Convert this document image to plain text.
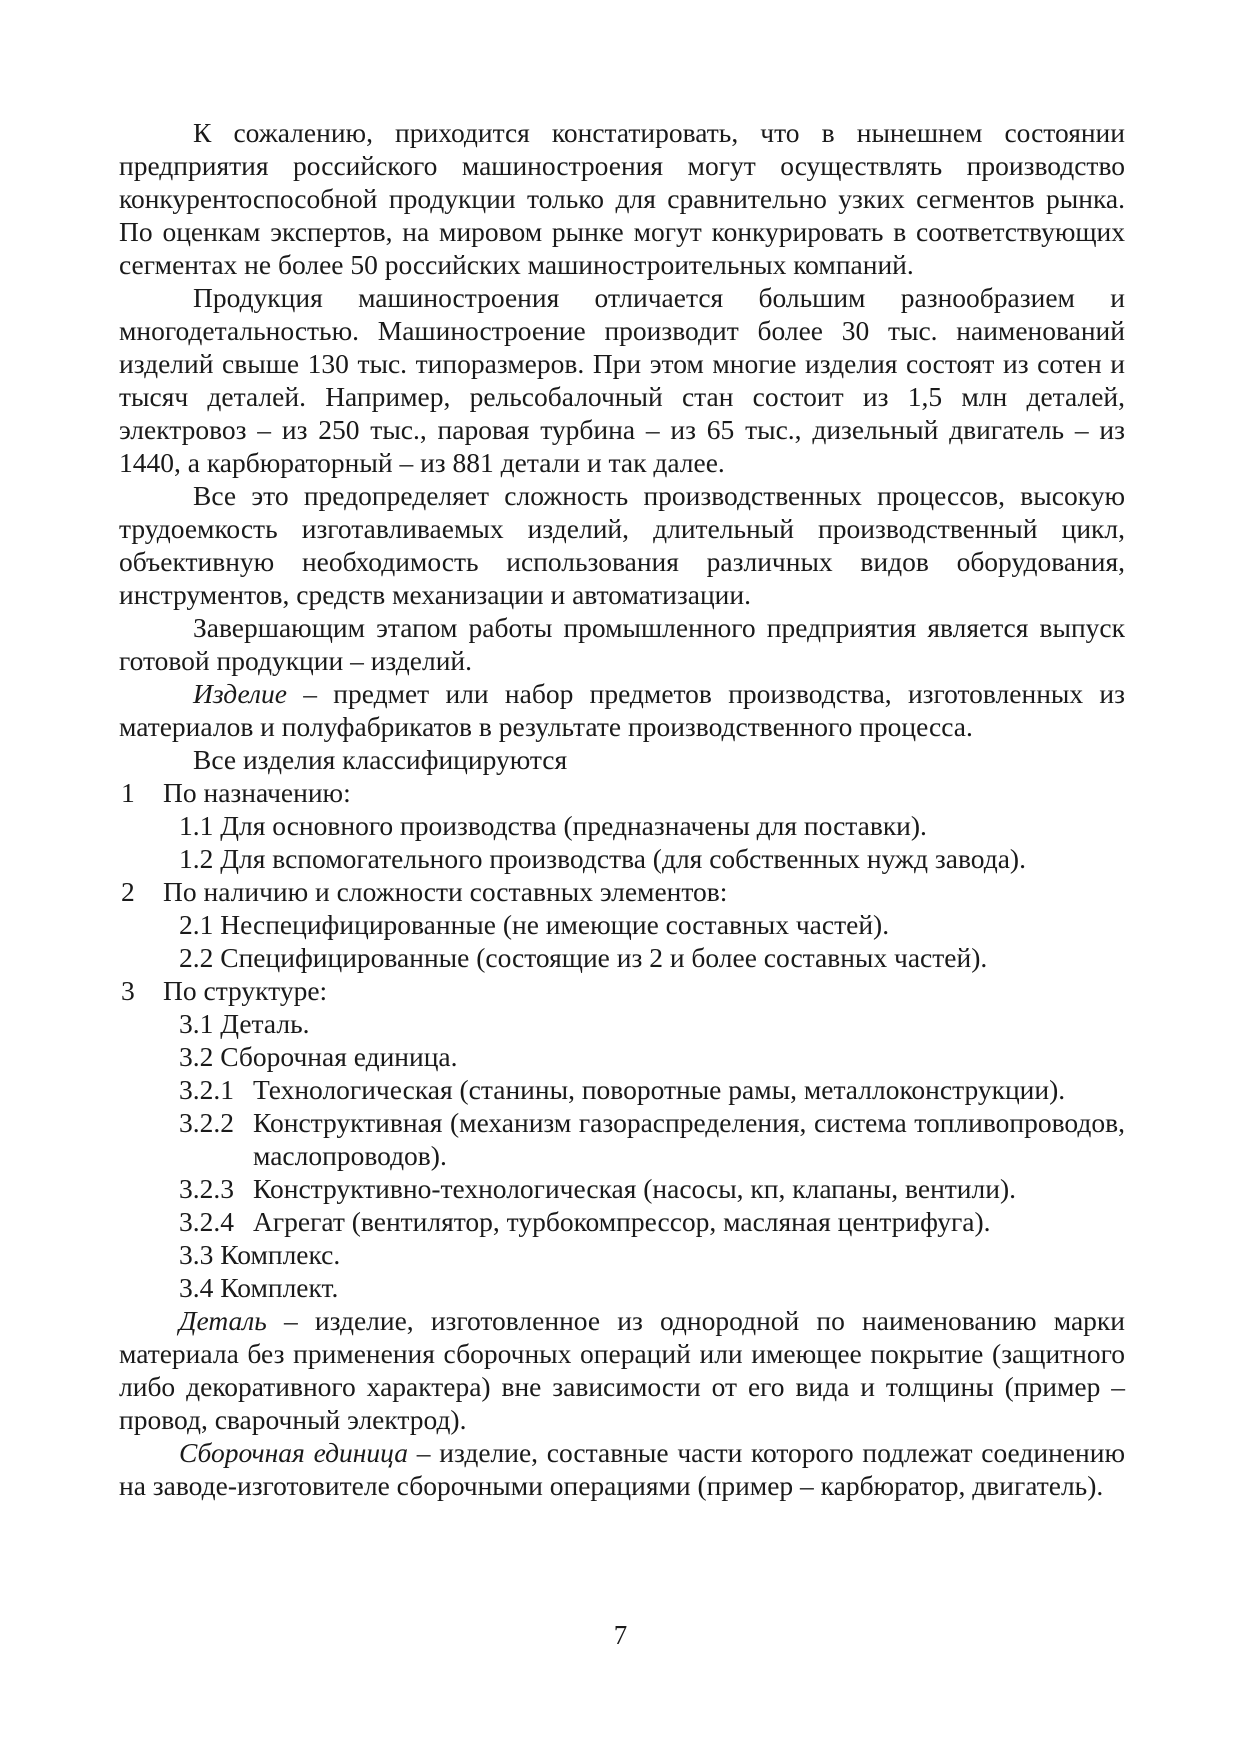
К сожалению, приходится констатировать, что в нынешнем состоянии предприятия российского машиностроения могут осуществлять производство конкурентоспособной продукции только для сравнительно узких сегментов рынка. По оценкам экспертов, на мировом рынке могут конкурировать в соответствующих сегментах не более 50 российских машиностроительных компаний.

Продукция машиностроения отличается большим разнообразием и многодетальностью. Машиностроение производит более 30 тыс. наименований изделий свыше 130 тыс. типоразмеров. При этом многие изделия состоят из сотен и тысяч деталей. Например, рельсобалочный стан состоит из 1,5 млн деталей, электровоз – из 250 тыс., паровая турбина – из 65 тыс., дизельный двигатель – из 1440, а карбюраторный – из 881 детали и так далее.

Все это предопределяет сложность производственных процессов, высокую трудоемкость изготавливаемых изделий, длительный производственный цикл, объективную необходимость использования различных видов оборудования, инструментов, средств механизации и автоматизации.

Завершающим этапом работы промышленного предприятия является выпуск готовой продукции – изделий.

Изделие – предмет или набор предметов производства, изготовленных из материалов и полуфабрикатов в результате производственного процесса.

Все изделия классифицируются

1 По назначению:

1.1 Для основного производства (предназначены для поставки).

1.2 Для вспомогательного производства (для собственных нужд завода).

2 По наличию и сложности составных элементов:

2.1 Неспецифицированные (не имеющие составных частей).

2.2 Специфицированные (состоящие из 2 и более составных частей).

3 По структуре:

3.1 Деталь.

3.2 Сборочная единица.

3.2.1 Технологическая (станины, поворотные рамы, металлоконструкции).

3.2.2 Конструктивная (механизм газораспределения, система топливопроводов, маслопроводов).

3.2.3 Конструктивно-технологическая (насосы, кп, клапаны, вентили).

3.2.4 Агрегат (вентилятор, турбокомпрессор, масляная центрифуга).

3.3 Комплекс.

3.4 Комплект.

Деталь – изделие, изготовленное из однородной по наименованию марки материала без применения сборочных операций или имеющее покрытие (защитного либо декоративного характера) вне зависимости от его вида и толщины (пример – провод, сварочный электрод).

Сборочная единица – изделие, составные части которого подлежат соединению на заводе-изготовителе сборочными операциями (пример – карбюратор, двигатель).

7
